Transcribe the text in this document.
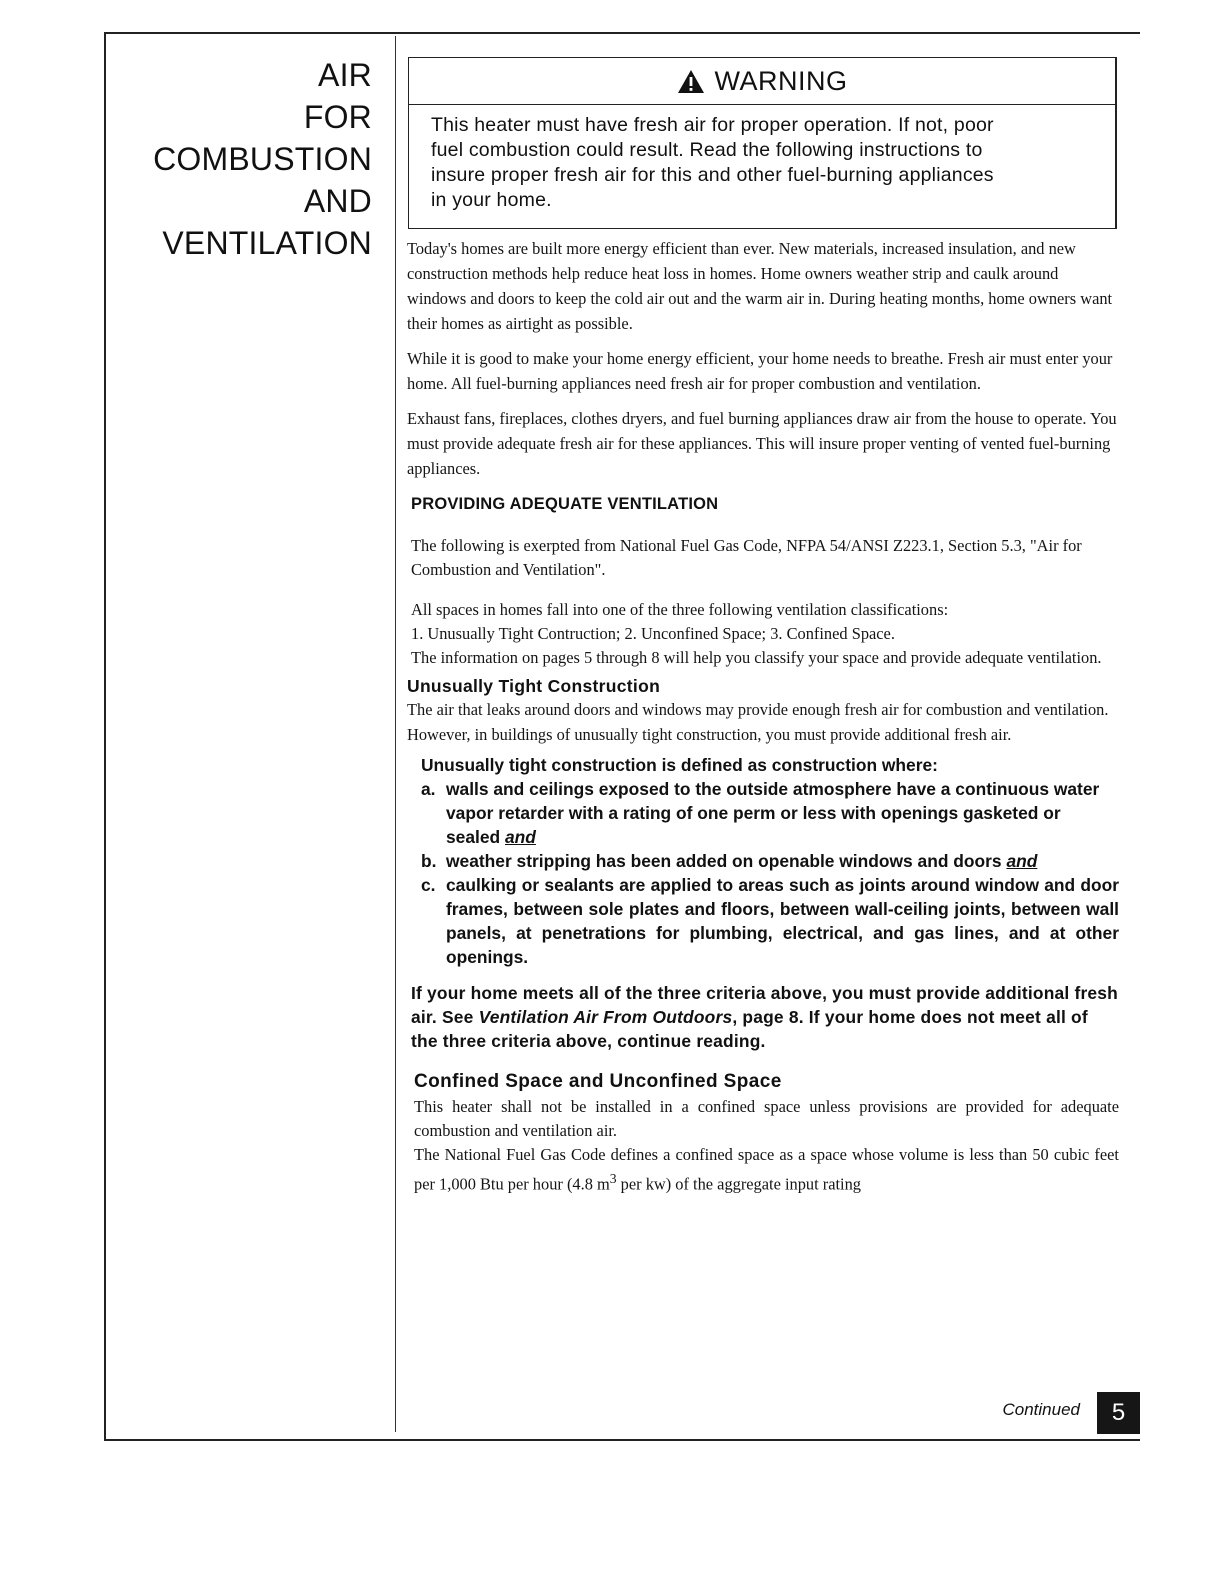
AIR
FOR
COMBUSTION
AND
VENTILATION
WARNING
This heater must have fresh air for proper operation. If not, poor
fuel combustion could result. Read the following instructions to
insure proper fresh air for this and other fuel-burning appliances
in your home.

Today's homes are built more energy efficient than ever. New materials, increased insulation, and new construction methods help reduce heat loss in homes. Home owners weather strip and caulk around windows and doors to keep the cold air out and the warm air in. During heating months, home owners want their homes as airtight as possible.

While it is good to make your home energy efficient, your home needs to breathe. Fresh air must enter your home. All fuel-burning appliances need fresh air for proper combustion and ventilation.

Exhaust fans, fireplaces, clothes dryers, and fuel burning appliances draw air from the house to operate. You must provide adequate fresh air for these appliances. This will insure proper venting of vented fuel-burning appliances.

PROVIDING ADEQUATE VENTILATION

The following is exerpted from National Fuel Gas Code, NFPA 54/ANSI Z223.1, Section 5.3, "Air for Combustion and Ventilation".

All spaces in homes fall into one of the three following ventilation classifications:
1. Unusually Tight Contruction; 2. Unconfined Space; 3. Confined Space.
The information on pages 5 through 8 will help you classify your space and provide adequate ventilation.
Unusually Tight Construction

The air that leaks around doors and windows may provide enough fresh air for combustion and ventilation. However, in buildings of unusually tight construction, you must provide additional fresh air.

Unusually tight construction is defined as construction where:
a. walls and ceilings exposed to the outside atmosphere have a continuous water vapor retarder with a rating of one perm or less with openings gasketed or sealed and
b. weather stripping has been added on openable windows and doors and
c. caulking or sealants are applied to areas such as joints around window and door frames, between sole plates and floors, between wall-ceiling joints, between wall panels, at penetrations for plumbing, electrical, and gas lines, and at other openings.
If your home meets all of the three criteria above, you must provide additional fresh air. See Ventilation Air From Outdoors, page 8. If your home does not meet all of the three criteria above, continue reading.
Confined Space and Unconfined Space
This heater shall not be installed in a confined space unless provisions are provided for adequate combustion and ventilation air.
The National Fuel Gas Code defines a confined space as a space whose volume is less than 50 cubic feet per 1,000 Btu per hour (4.8 $m^3$ per kw) of the aggregate input rating
Continued	5
